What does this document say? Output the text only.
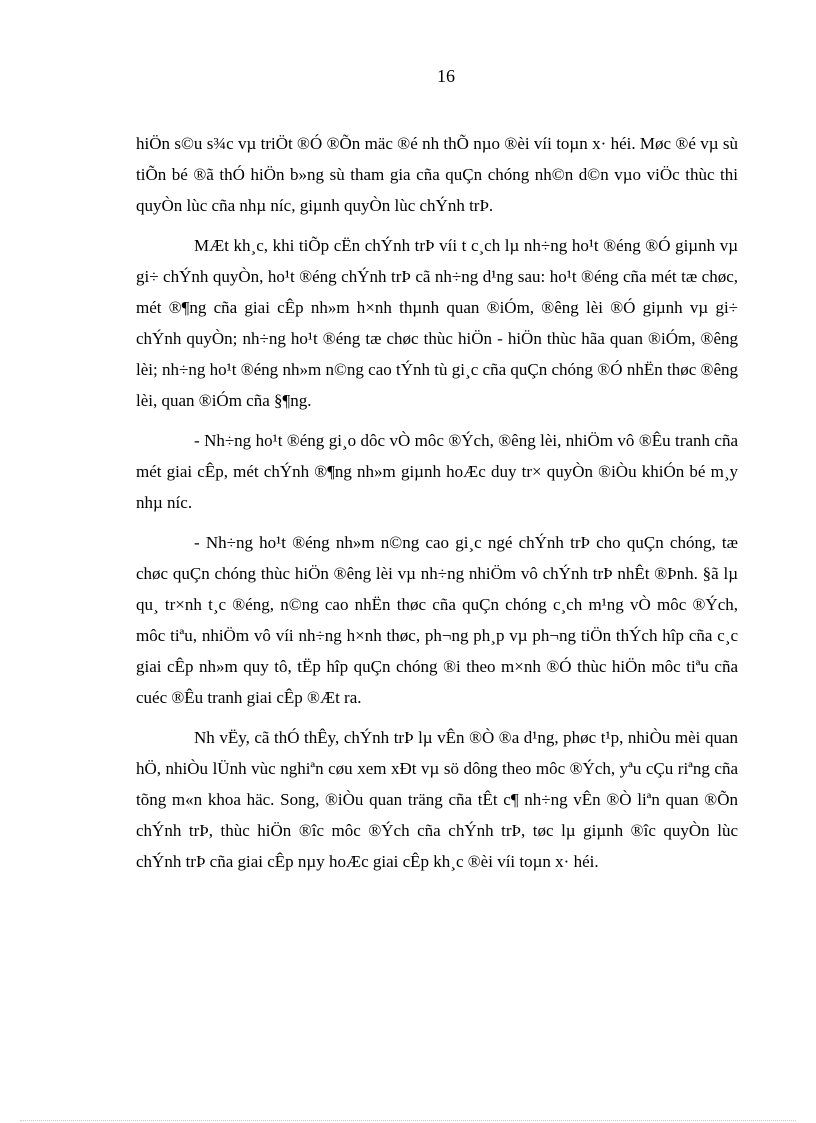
16

hiÖn s©u s¾c vµ triÖt ®Ó ®Õn mäc ®é nh thÕ nµo ®èi víi toµn x· héi. Møc ®é vµ sù tiÕn bé ®ã thÓ hiÖn b»ng sù tham gia cña quÇn chóng nh©n d©n vµo viÖc thùc thi quyÒn lùc cña nhµ níc, giµnh quyÒn lùc chÝnh trÞ.

MÆt kh¸c, khi tiÕp cËn chÝnh trÞ víi t c¸ch lµ nh÷ng ho¹t ®éng ®Ó giµnh vµ gi÷ chÝnh quyÒn, ho¹t ®éng chÝnh trÞ cã nh÷ng d¹ng sau: ho¹t ®éng cña mét tæ chøc, mét ®¶ng cña giai cÊp nh»m h×nh thµnh quan ®iÓm, ®êng lèi ®Ó giµnh vµ gi÷ chÝnh quyÒn; nh÷ng ho¹t ®éng tæ chøc thùc hiÖn - hiÖn thùc hãa quan ®iÓm, ®êng lèi; nh÷ng ho¹t ®éng nh»m n©ng cao tÝnh tù gi¸c cña quÇn chóng ®Ó nhËn thøc ®êng lèi, quan ®iÓm cña §¶ng.

- Nh÷ng ho¹t ®éng gi¸o dôc vÒ môc ®Ých, ®êng lèi, nhiÖm vô ®Êu tranh cña mét giai cÊp, mét chÝnh ®¶ng nh»m giµnh hoÆc duy tr× quyÒn ®iÒu khiÓn bé m¸y nhµ níc.

- Nh÷ng ho¹t ®éng nh»m n©ng cao gi¸c ngé chÝnh trÞ cho quÇn chóng, tæ chøc quÇn chóng thùc hiÖn ®êng lèi vµ nh÷ng nhiÖm vô chÝnh trÞ nhÊt ®Þnh. §ã lµ qu¸ tr×nh t¸c ®éng, n©ng cao nhËn thøc cña quÇn chóng c¸ch m¹ng vÒ môc ®Ých, môc tiªu, nhiÖm vô víi nh÷ng h×nh thøc, ph¬ng ph¸p vµ ph¬ng tiÖn thÝch hîp cña c¸c giai cÊp nh»m quy tô, tËp hîp quÇn chóng ®i theo m×nh ®Ó thùc hiÖn môc tiªu cña cuéc ®Êu tranh giai cÊp ®Æt ra.

Nh vËy, cã thÓ thÊy, chÝnh trÞ lµ vÊn ®Ò ®a d¹ng, phøc t¹p, nhiÒu mèi quan hÖ, nhiÒu lÜnh vùc nghiªn cøu xem xÐt vµ sö dông theo môc ®Ých, yªu cÇu riªng cña tõng m«n khoa häc. Song, ®iÒu quan träng cña tÊt c¶ nh÷ng vÊn ®Ò liªn quan ®Õn chÝnh trÞ, thùc hiÖn ®îc môc ®Ých cña chÝnh trÞ, tøc lµ giµnh ®îc quyÒn lùc chÝnh trÞ cña giai cÊp nµy hoÆc giai cÊp kh¸c ®èi víi toµn x· héi.
